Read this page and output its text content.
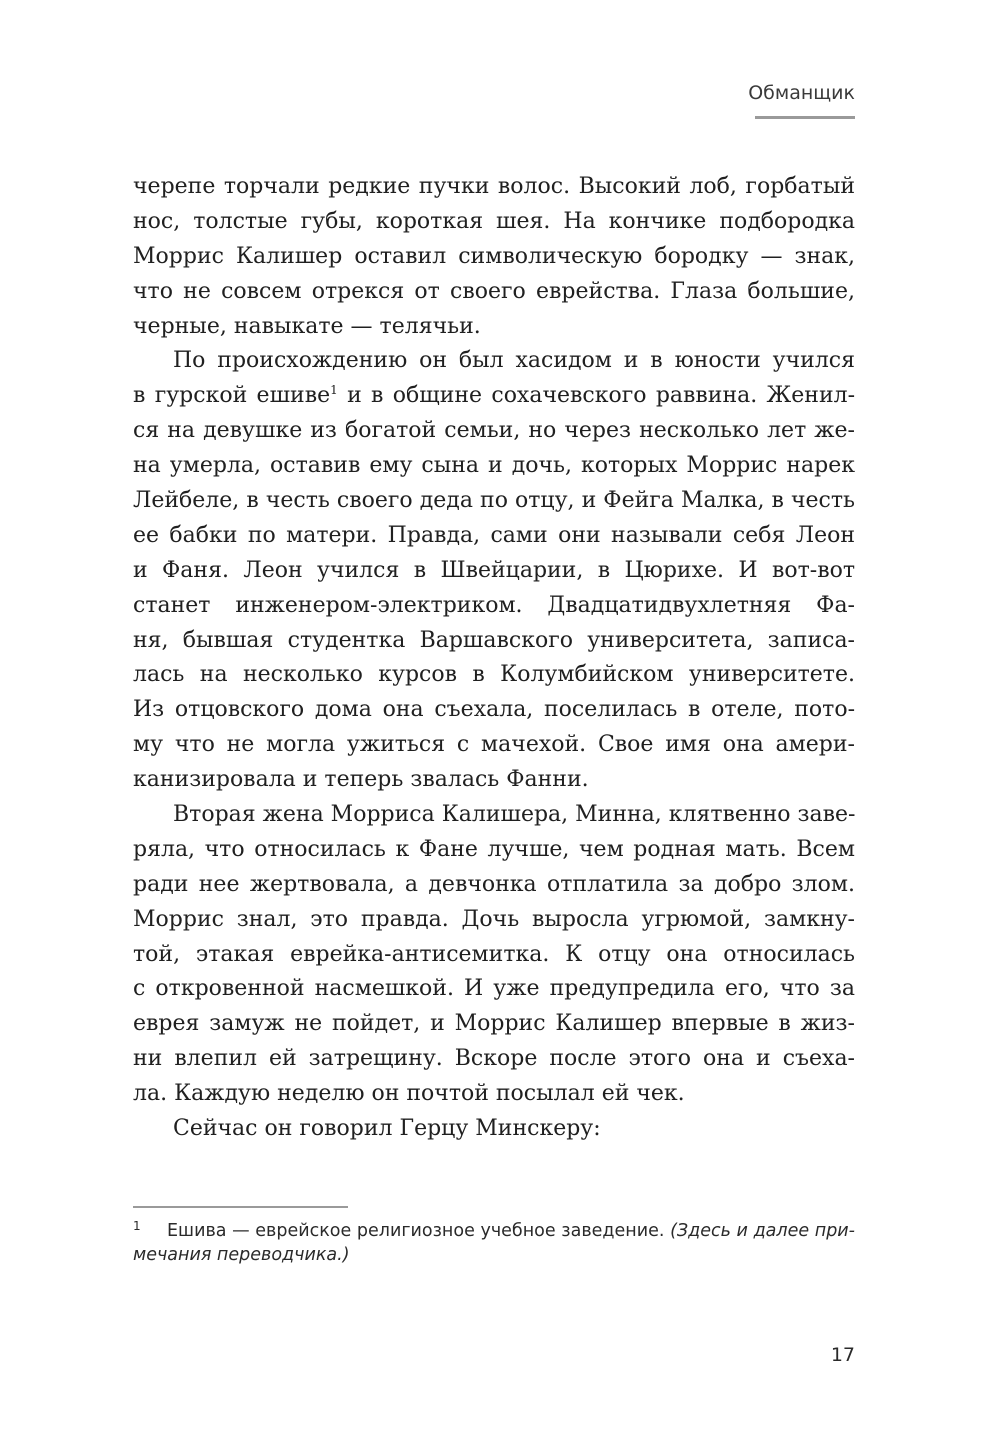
Обманщик
черепе торчали редкие пучки волос. Высокий лоб, горбатый
нос, толстые губы, короткая шея. На кончике подбородка
Моррис Калишер оставил символическую бородку — знак,
что не совсем отрекся от своего еврейства. Глаза большие,
черные, навыкате — телячьи.
По происхождению он был хасидом и в юности учился
в гурской ешиве$^1$ и в общине сохачевского раввина. Женил-
ся на девушке из богатой семьи, но через несколько лет же-
на умерла, оставив ему сына и дочь, которых Моррис нарек
Лейбеле, в честь своего деда по отцу, и Фейга Малка, в честь
ее бабки по матери. Правда, сами они называли себя Леон
и Фаня. Леон учился в Швейцарии, в Цюрихе. И вот-вот
станет инженером-электриком. Двадцатидвухлетняя Фа-
ня, бывшая студентка Варшавского университета, записа-
лась на несколько курсов в Колумбийском университете.
Из отцовского дома она съехала, поселилась в отеле, пото-
му что не могла ужиться с мачехой. Свое имя она амери-
канизировала и теперь звалась Фанни.
Вторая жена Морриса Калишера, Минна, клятвенно заве-
ряла, что относилась к Фане лучше, чем родная мать. Всем
ради нее жертвовала, а девчонка отплатила за добро злом.
Моррис знал, это правда. Дочь выросла угрюмой, замкну-
той, этакая еврейка-антисемитка. К отцу она относилась
с откровенной насмешкой. И уже предупредила его, что за
еврея замуж не пойдет, и Моррис Калишер впервые в жиз-
ни влепил ей затрещину. Вскоре после этого она и съеха-
ла. Каждую неделю он почтой посылал ей чек.
Сейчас он говорил Герцу Минскеру:
1 Ешива — еврейское религиозное учебное заведение. (Здесь и далее при-
мечания переводчика.)
17
